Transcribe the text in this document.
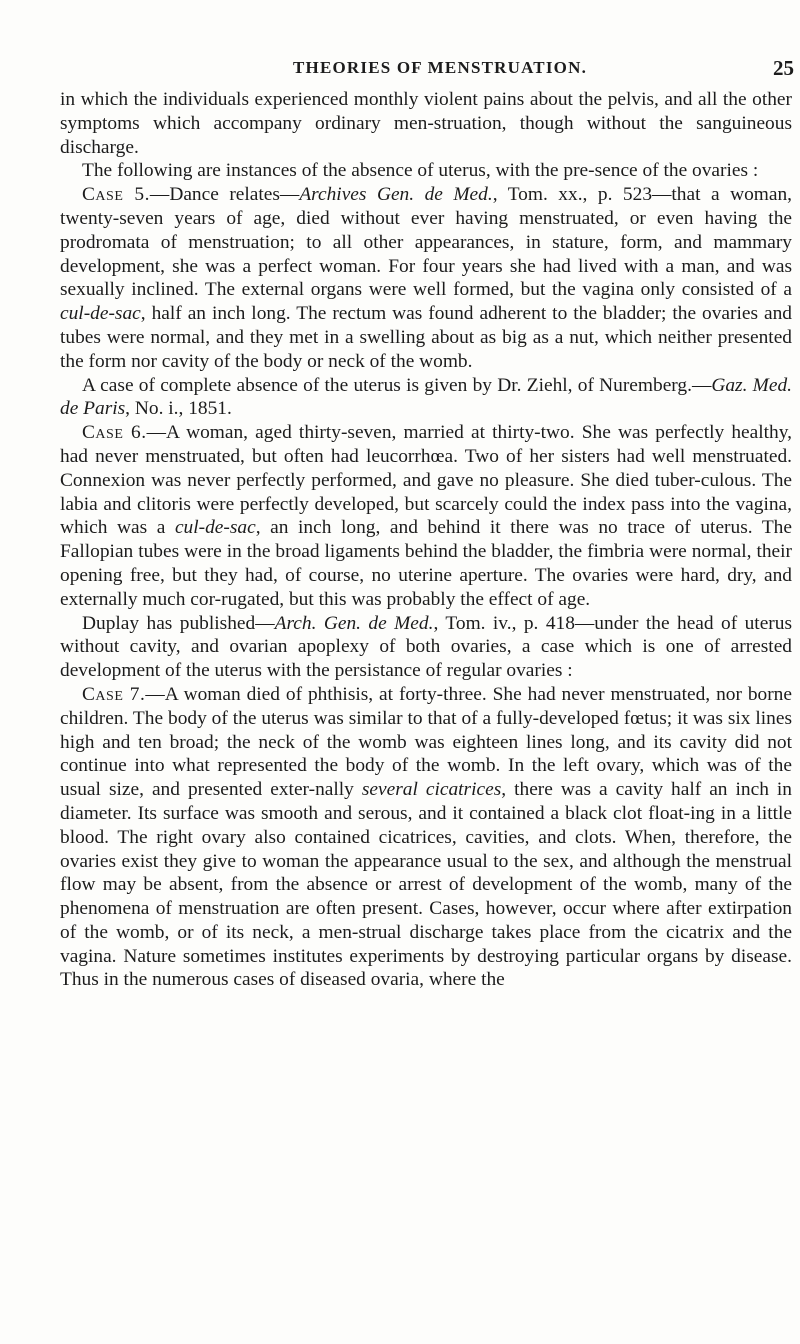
THEORIES OF MENSTRUATION.	25

in which the individuals experienced monthly violent pains about the pelvis, and all the other symptoms which accompany ordinary men-struation, though without the sanguineous discharge.

The following are instances of the absence of uterus, with the pre-sence of the ovaries :

Case 5.—Dance relates—Archives Gen. de Med., Tom. xx., p. 523—that a woman, twenty-seven years of age, died without ever having menstruated, or even having the prodromata of menstruation; to all other appearances, in stature, form, and mammary development, she was a perfect woman. For four years she had lived with a man, and was sexually inclined. The external organs were well formed, but the vagina only consisted of a cul-de-sac, half an inch long. The rectum was found adherent to the bladder; the ovaries and tubes were normal, and they met in a swelling about as big as a nut, which neither presented the form nor cavity of the body or neck of the womb.

A case of complete absence of the uterus is given by Dr. Ziehl, of Nuremberg.—Gaz. Med. de Paris, No. i., 1851.

Case 6.—A woman, aged thirty-seven, married at thirty-two. She was perfectly healthy, had never menstruated, but often had leucorrhœa. Two of her sisters had well menstruated. Connexion was never perfectly performed, and gave no pleasure. She died tuber-culous. The labia and clitoris were perfectly developed, but scarcely could the index pass into the vagina, which was a cul-de-sac, an inch long, and behind it there was no trace of uterus. The Fallopian tubes were in the broad ligaments behind the bladder, the fimbria were normal, their opening free, but they had, of course, no uterine aperture. The ovaries were hard, dry, and externally much cor-rugated, but this was probably the effect of age.

Duplay has published—Arch. Gen. de Med., Tom. iv., p. 418—under the head of uterus without cavity, and ovarian apoplexy of both ovaries, a case which is one of arrested development of the uterus with the persistance of regular ovaries :

Case 7.—A woman died of phthisis, at forty-three. She had never menstruated, nor borne children. The body of the uterus was similar to that of a fully-developed fœtus; it was six lines high and ten broad; the neck of the womb was eighteen lines long, and its cavity did not continue into what represented the body of the womb. In the left ovary, which was of the usual size, and presented exter-nally several cicatrices, there was a cavity half an inch in diameter. Its surface was smooth and serous, and it contained a black clot float-ing in a little blood. The right ovary also contained cicatrices, cavities, and clots. When, therefore, the ovaries exist they give to woman the appearance usual to the sex, and although the menstrual flow may be absent, from the absence or arrest of development of the womb, many of the phenomena of menstruation are often present. Cases, however, occur where after extirpation of the womb, or of its neck, a men-strual discharge takes place from the cicatrix and the vagina. Nature sometimes institutes experiments by destroying particular organs by disease. Thus in the numerous cases of diseased ovaria, where the
